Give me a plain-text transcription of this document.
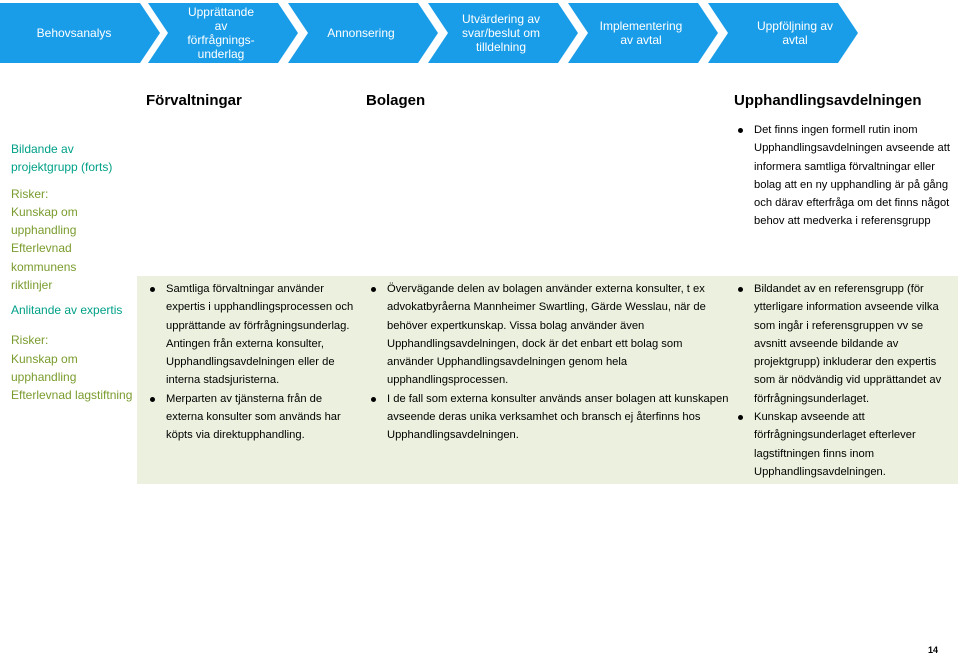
Behovsanalys
Upprättande
av
förfrågnings-
underlag
Annonsering
Utvärdering av
svar/beslut om
tilldelning
Implementering
av avtal
Uppföljning av
avtal
Förvaltningar	Bolagen	Upphandlingsavdelningen
Bildande av
projektgrupp (forts)
Risker:
Kunskap om
upphandling
Efterlevnad kommunens
riktlinjer
Det finns ingen formell rutin inom Upphandlingsavdelningen avseende att informera samtliga förvaltningar eller bolag att en ny upphandling är på gång och därav efterfråga om det finns något behov att medverka i referensgrupp
Anlitande av expertis
Risker:
Kunskap om
upphandling
Efterlevnad lagstiftning
Samtliga förvaltningar använder expertis i upphandlingsprocessen och upprättande av förfrågningsunderlag. Antingen från externa konsulter, Upphandlingsavdelningen eller de interna stadsjuristerna.
Merparten av tjänsterna från de externa konsulter som används har köpts via direktupphandling.
Övervägande delen av bolagen använder externa konsulter, t ex advokatbyråerna Mannheimer Swartling, Gärde Wesslau, när de behöver expertkunskap. Vissa bolag använder även Upphandlingsavdelningen, dock är det enbart ett bolag som använder Upphandlingsavdelningen genom hela upphandlingsprocessen.
I de fall som externa konsulter används anser bolagen att kunskapen avseende deras unika verksamhet och bransch ej återfinns hos Upphandlingsavdelningen.
Bildandet av en referensgrupp (för ytterligare information avseende vilka som ingår i referensgruppen vv se avsnitt avseende bildande av projektgrupp) inkluderar den expertis som är nödvändig vid upprättandet av förfrågningsunderlaget.
Kunskap avseende att förfrågningsunderlaget efterlever lagstiftningen finns inom Upphandlingsavdelningen.
14
